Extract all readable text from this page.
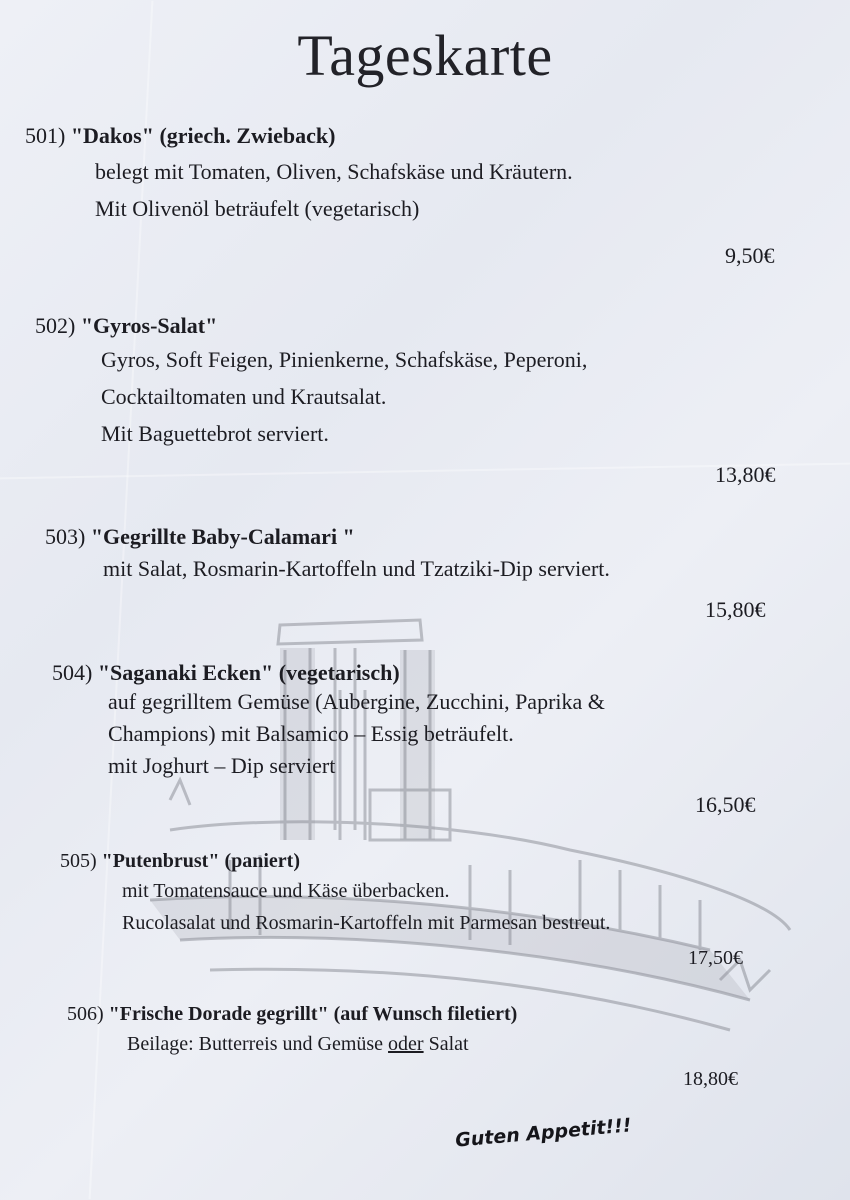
Tageskarte
501) "Dakos" (griech. Zwieback)
belegt mit Tomaten, Oliven, Schafskäse und Kräutern.
Mit Olivenöl beträufelt (vegetarisch)
9,50€
502) "Gyros-Salat"
Gyros, Soft Feigen, Pinienkerne, Schafskäse, Peperoni,
Cocktailtomaten und Krautsalat.
Mit Baguettebrot serviert.
13,80€
503) "Gegrillte Baby-Calamari "
mit Salat, Rosmarin-Kartoffeln und Tzatziki-Dip serviert.
15,80€
504) "Saganaki Ecken" (vegetarisch)
auf gegrilltem Gemüse (Aubergine, Zucchini, Paprika &
Champions) mit Balsamico – Essig beträufelt.
mit Joghurt – Dip serviert
16,50€
505) "Putenbrust" (paniert)
mit Tomatensauce und Käse überbacken.
Rucolasalat und Rosmarin-Kartoffeln mit Parmesan bestreut.
17,50€
506) "Frische Dorade gegrillt" (auf Wunsch filetiert)
Beilage: Butterreis und Gemüse oder Salat
18,80€
Guten Appetit!!!
